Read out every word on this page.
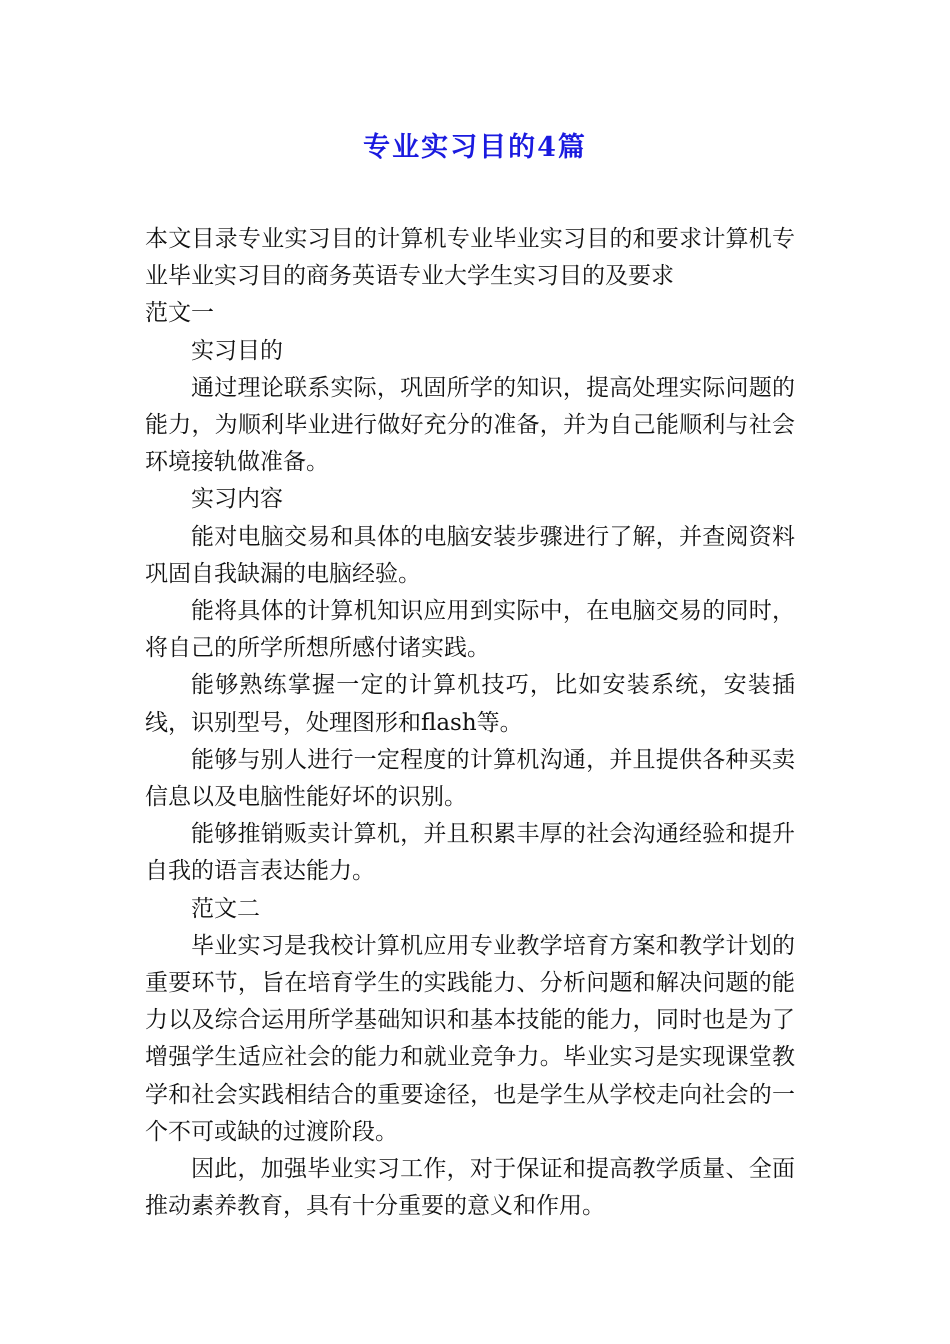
专业实习目的4篇

本文目录专业实习目的计算机专业毕业实习目的和要求计算机专业毕业实习目的商务英语专业大学生实习目的及要求

范文一

实习目的

通过理论联系实际，巩固所学的知识，提高处理实际问题的能力，为顺利毕业进行做好充分的准备，并为自己能顺利与社会环境接轨做准备。

实习内容

能对电脑交易和具体的电脑安装步骤进行了解，并查阅资料巩固自我缺漏的电脑经验。

能将具体的计算机知识应用到实际中，在电脑交易的同时，将自己的所学所想所感付诸实践。

能够熟练掌握一定的计算机技巧，比如安装系统，安装插线，识别型号，处理图形和flash等。

能够与别人进行一定程度的计算机沟通，并且提供各种买卖信息以及电脑性能好坏的识别。

能够推销贩卖计算机，并且积累丰厚的社会沟通经验和提升自我的语言表达能力。

范文二

毕业实习是我校计算机应用专业教学培育方案和教学计划的重要环节，旨在培育学生的实践能力、分析问题和解决问题的能力以及综合运用所学基础知识和基本技能的能力，同时也是为了增强学生适应社会的能力和就业竞争力。毕业实习是实现课堂教学和社会实践相结合的重要途径，也是学生从学校走向社会的一个不可或缺的过渡阶段。

因此，加强毕业实习工作，对于保证和提高教学质量、全面推动素养教育，具有十分重要的意义和作用。
